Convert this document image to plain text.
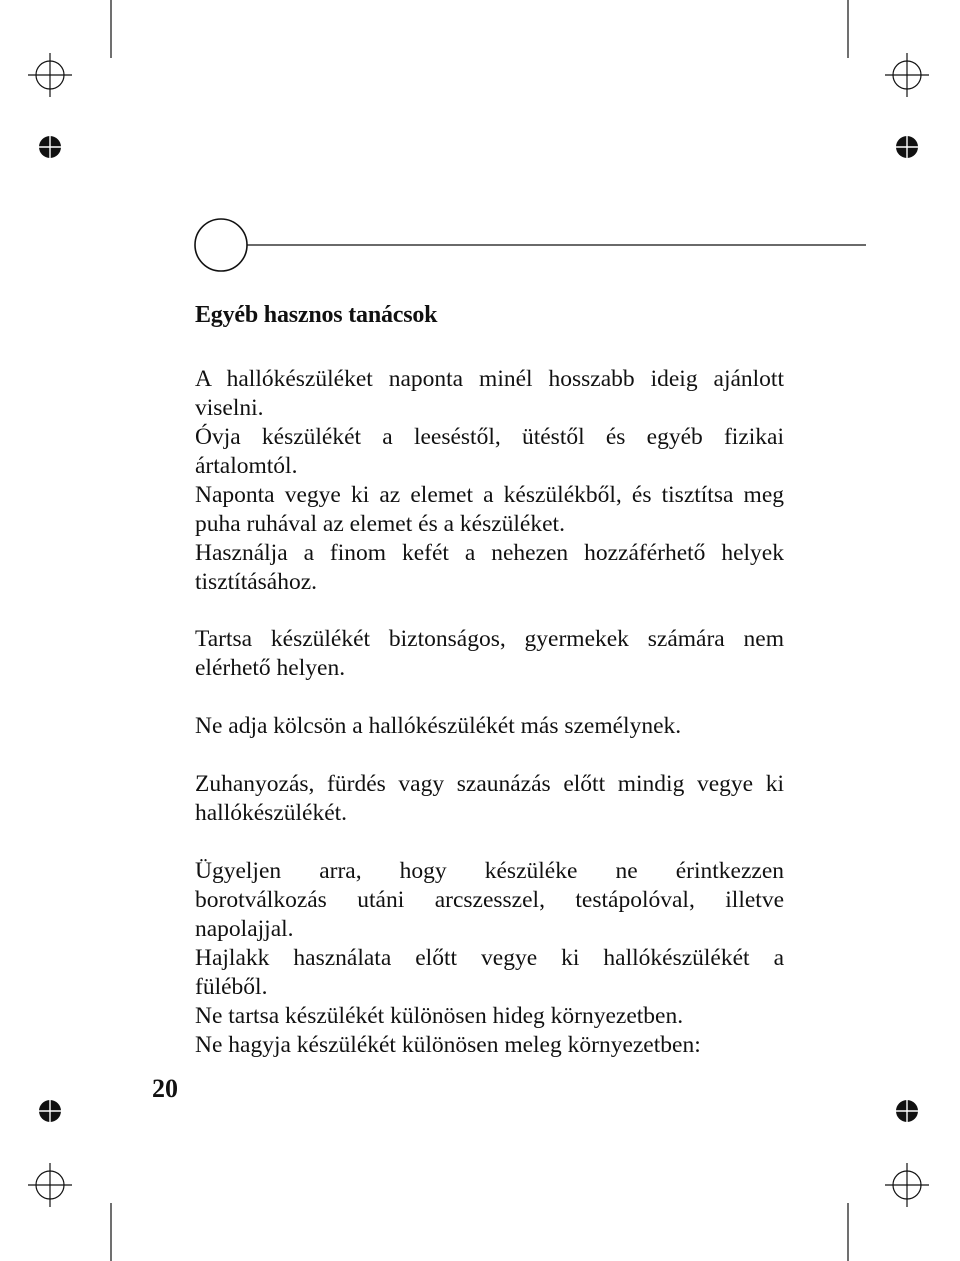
Egyéb hasznos tanácsok
A hallókészüléket naponta minél hosszabb ideig ajánlott
viselni.
Óvja készülékét a leeséstől, ütéstől és egyéb fizikai
ártalomtól.
Naponta vegye ki az elemet a készülékből, és tisztítsa meg
puha ruhával az elemet és a készüléket.
Használja a finom kefét a nehezen hozzáférhető helyek
tisztításához.
Tartsa készülékét biztonságos, gyermekek számára nem
elérhető helyen.
Ne adja kölcsön a hallókészülékét más személynek.
Zuhanyozás, fürdés vagy szaunázás előtt mindig vegye ki
hallókészülékét.
Ügyeljen arra, hogy készüléke ne érintkezzen
borotválkozás utáni arcszesszel, testápolóval, illetve
napolajjal.
Hajlakk használata előtt vegye ki hallókészülékét a
füléből.
Ne tartsa készülékét különösen hideg környezetben.
Ne hagyja készülékét különösen meleg környezetben:
20
